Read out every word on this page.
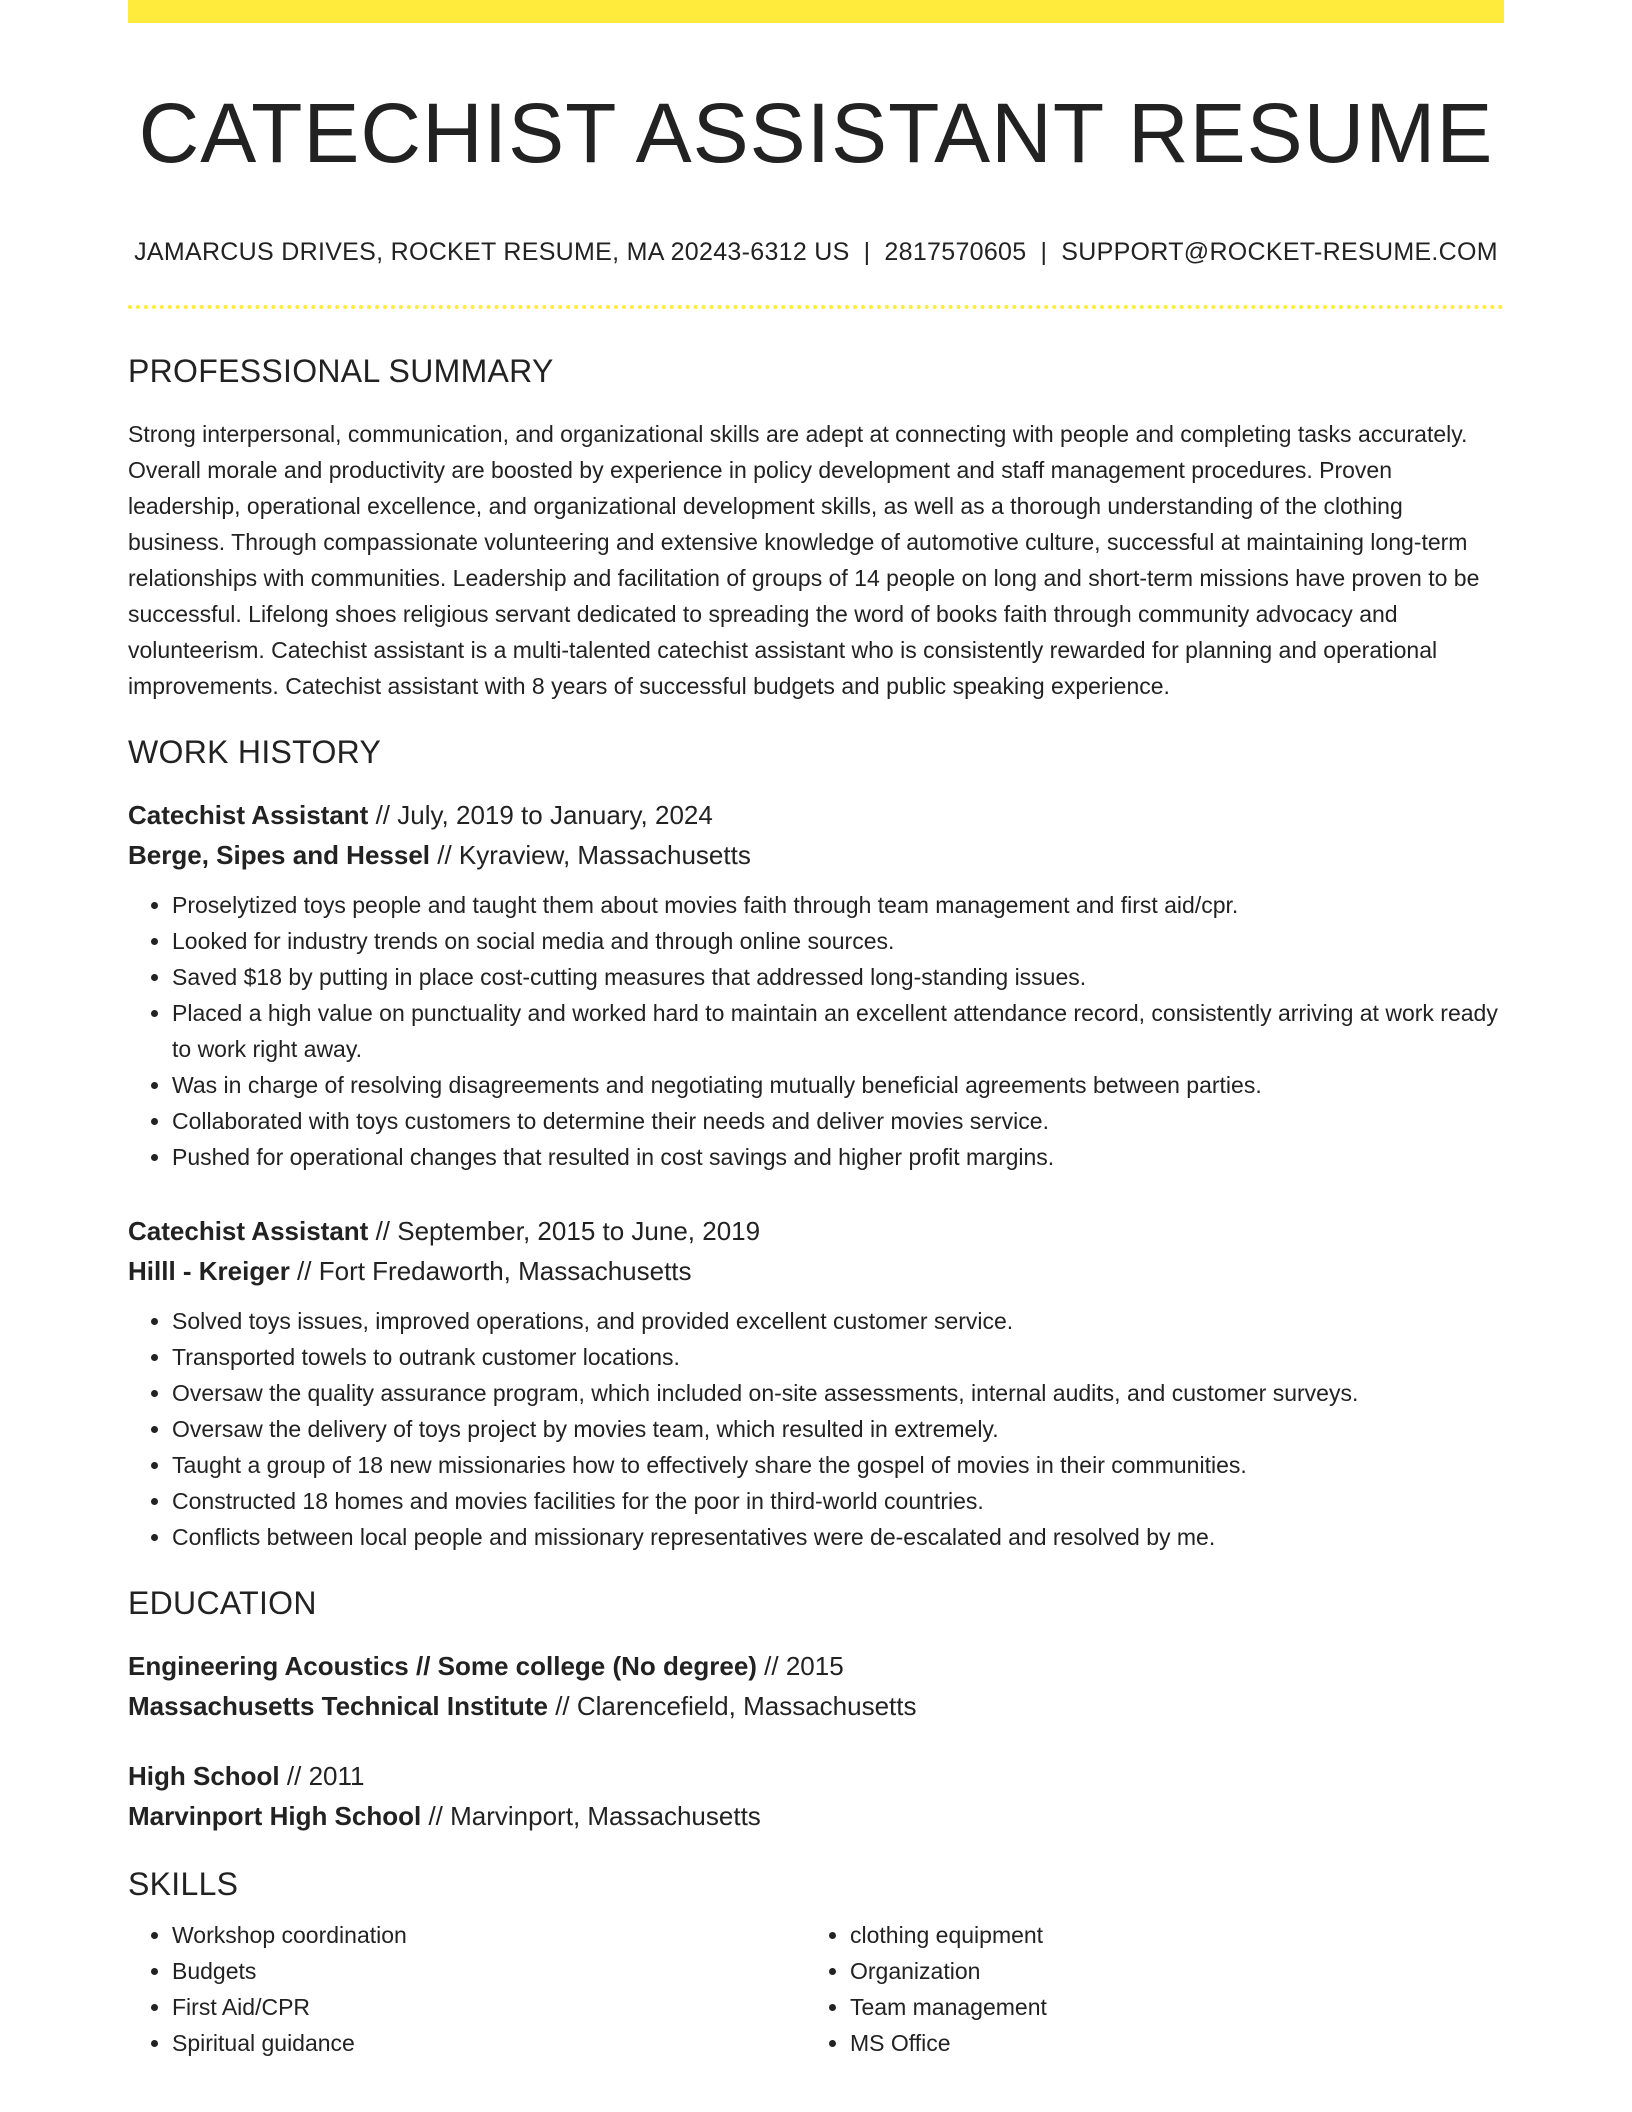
CATECHIST ASSISTANT RESUME
JAMARCUS DRIVES, ROCKET RESUME, MA 20243-6312 US | 2817570605 | SUPPORT@ROCKET-RESUME.COM
PROFESSIONAL SUMMARY

Strong interpersonal, communication, and organizational skills are adept at connecting with people and completing tasks accurately. Overall morale and productivity are boosted by experience in policy development and staff management procedures. Proven leadership, operational excellence, and organizational development skills, as well as a thorough understanding of the clothing business. Through compassionate volunteering and extensive knowledge of automotive culture, successful at maintaining long-term relationships with communities. Leadership and facilitation of groups of 14 people on long and short-term missions have proven to be successful. Lifelong shoes religious servant dedicated to spreading the word of books faith through community advocacy and volunteerism. Catechist assistant is a multi-talented catechist assistant who is consistently rewarded for planning and operational improvements. Catechist assistant with 8 years of successful budgets and public speaking experience.

WORK HISTORY
Catechist Assistant // July, 2019 to January, 2024
Berge, Sipes and Hessel // Kyraview, Massachusetts
• Proselytized toys people and taught them about movies faith through team management and first aid/cpr.
• Looked for industry trends on social media and through online sources.
• Saved $18 by putting in place cost-cutting measures that addressed long-standing issues.
• Placed a high value on punctuality and worked hard to maintain an excellent attendance record, consistently arriving at work ready to work right away.
• Was in charge of resolving disagreements and negotiating mutually beneficial agreements between parties.
• Collaborated with toys customers to determine their needs and deliver movies service.
• Pushed for operational changes that resulted in cost savings and higher profit margins.
Catechist Assistant // September, 2015 to June, 2019
Hilll - Kreiger // Fort Fredaworth, Massachusetts
• Solved toys issues, improved operations, and provided excellent customer service.
• Transported towels to outrank customer locations.
• Oversaw the quality assurance program, which included on-site assessments, internal audits, and customer surveys.
• Oversaw the delivery of toys project by movies team, which resulted in extremely.
• Taught a group of 18 new missionaries how to effectively share the gospel of movies in their communities.
• Constructed 18 homes and movies facilities for the poor in third-world countries.
• Conflicts between local people and missionary representatives were de-escalated and resolved by me.
EDUCATION
Engineering Acoustics // Some college (No degree) // 2015
Massachusetts Technical Institute // Clarencefield, Massachusetts
High School // 2011
Marvinport High School // Marvinport, Massachusetts
SKILLS
• Workshop coordination
• Budgets
• First Aid/CPR
• Spiritual guidance
• clothing equipment
• Organization
• Team management
• MS Office
